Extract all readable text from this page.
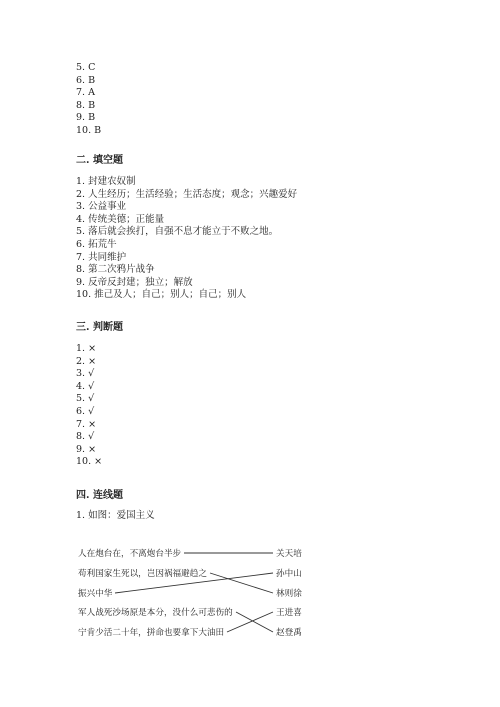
5. C
6. B
7. A
8. B
9. B
10. B
二. 填空题
1. 封建农奴制
2. 人生经历；生活经验；生活态度；观念；兴趣爱好
3. 公益事业
4. 传统美德；正能量
5. 落后就会挨打，自强不息才能立于不败之地。
6. 拓荒牛
7. 共同维护
8. 第二次鸦片战争
9. 反帝反封建；独立；解放
10. 推己及人；自己；别人；自己；别人
三. 判断题
1. ×
2. ×
3. √
4. √
5. √
6. √
7. ×
8. √
9. ×
10. ×
四. 连线题
1. 如图：爱国主义
人在炮台在，不离炮台半步
苟利国家生死以，岂因祸福避趋之
振兴中华
军人战死沙场原是本分，没什么可悲伤的
宁肯少活二十年，拼命也要拿下大油田
关天培
孙中山
林则徐
王进喜
赵登禹
